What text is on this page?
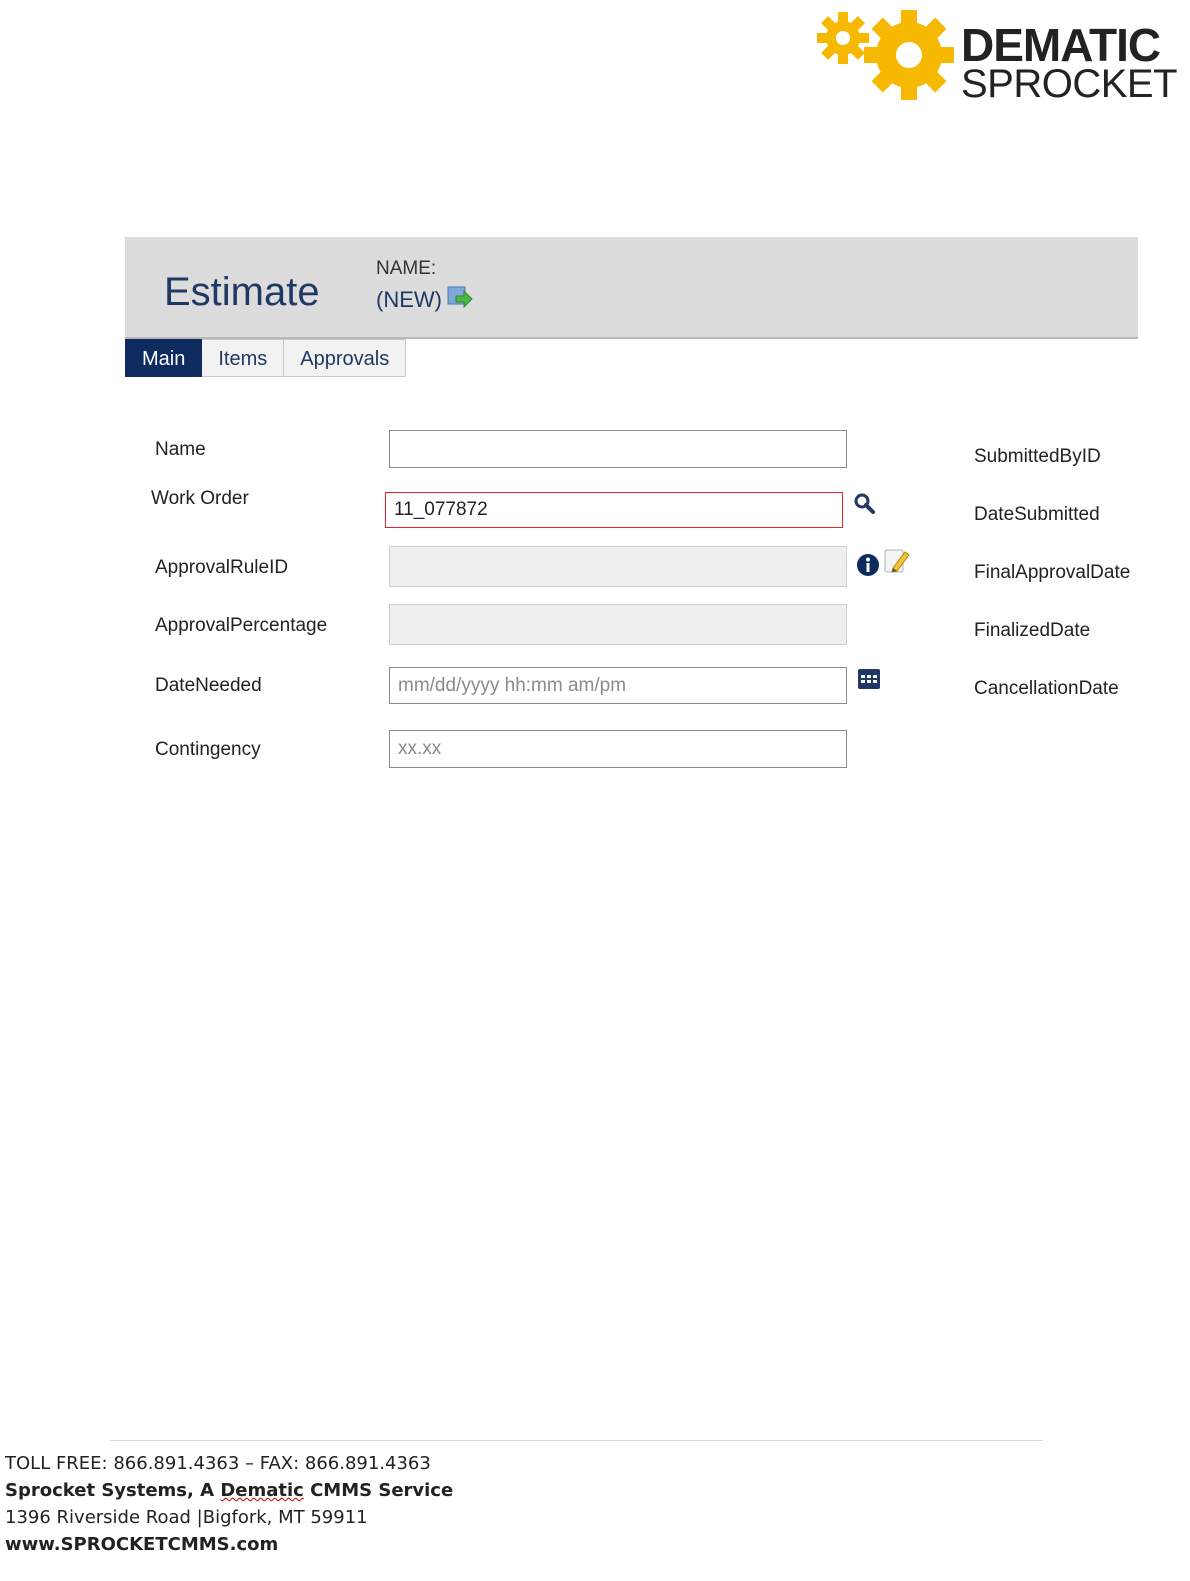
DEMATIC
SPROCKET
Estimate
NAME:
(NEW)
Main	Items	Approvals
Name
Work Order
11_077872
ApprovalRuleID
ApprovalPercentage
DateNeeded
mm/dd/yyyy hh:mm am/pm
Contingency
xx.xx
SubmittedByID
DateSubmitted
FinalApprovalDate
FinalizedDate
CancellationDate
TOLL FREE: 866.891.4363 – FAX: 866.891.4363
Sprocket Systems, A Dematic CMMS Service
1396 Riverside Road |Bigfork, MT 59911
www.SPROCKETCMMS.com
